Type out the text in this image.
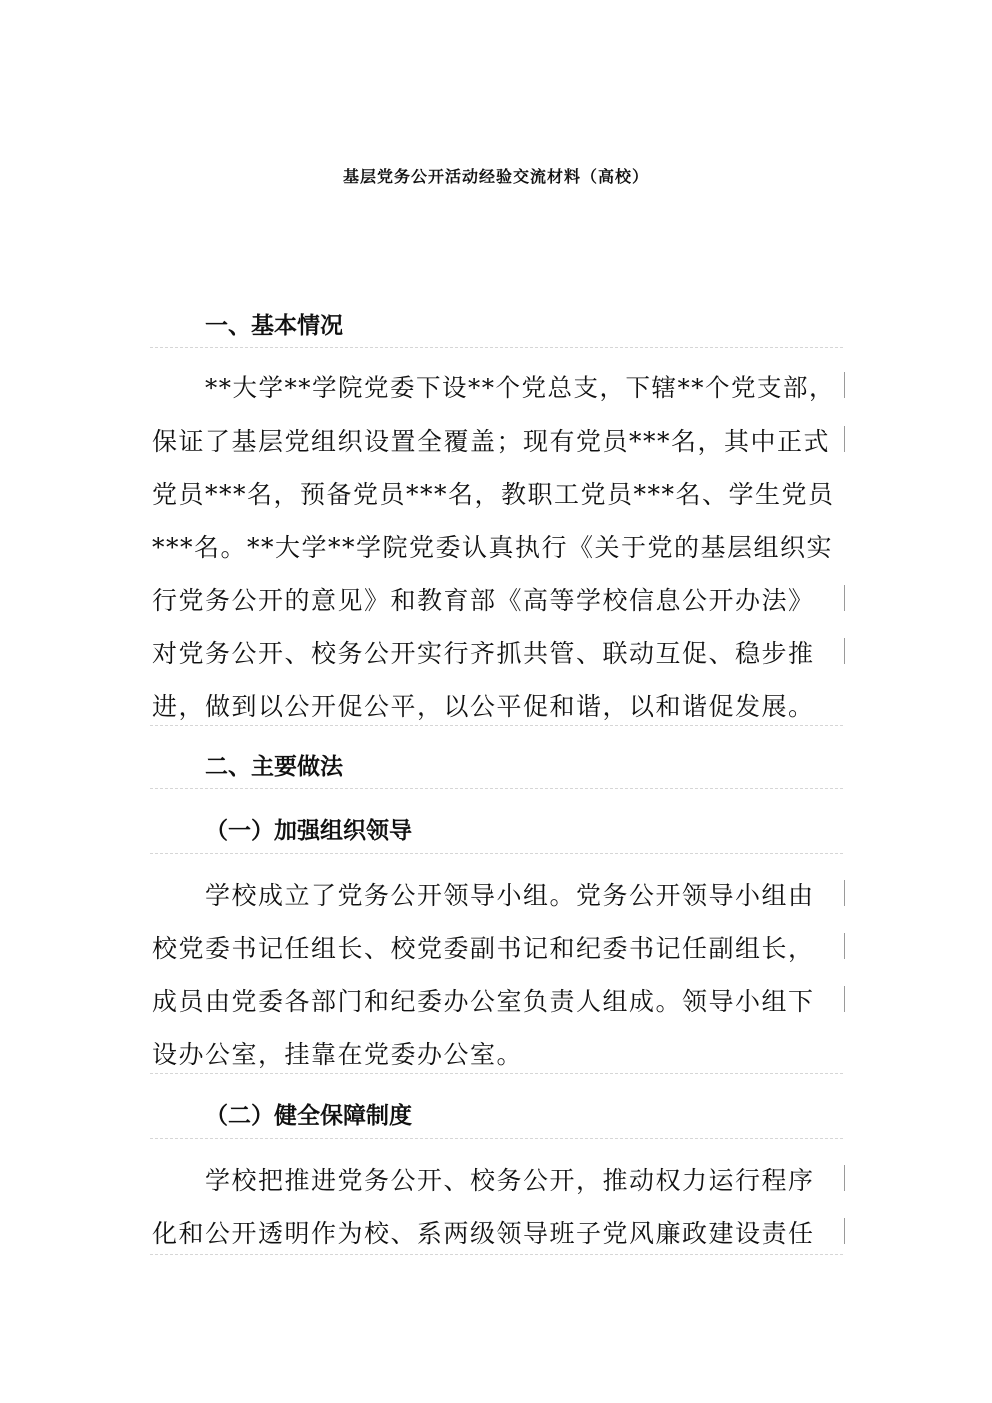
基层党务公开活动经验交流材料（高校）
一、基本情况
**大学**学院党委下设**个党总支，下辖**个党支部，
保证了基层党组织设置全覆盖；现有党员***名，其中正式
党员***名，预备党员***名，教职工党员***名、学生党员
***名。**大学**学院党委认真执行《关于党的基层组织实
行党务公开的意见》和教育部《高等学校信息公开办法》
对党务公开、校务公开实行齐抓共管、联动互促、稳步推
进，做到以公开促公平，以公平促和谐，以和谐促发展。
二、主要做法
（一）加强组织领导
学校成立了党务公开领导小组。党务公开领导小组由
校党委书记任组长、校党委副书记和纪委书记任副组长，
成员由党委各部门和纪委办公室负责人组成。领导小组下
设办公室，挂靠在党委办公室。
（二）健全保障制度
学校把推进党务公开、校务公开，推动权力运行程序
化和公开透明作为校、系两级领导班子党风廉政建设责任
